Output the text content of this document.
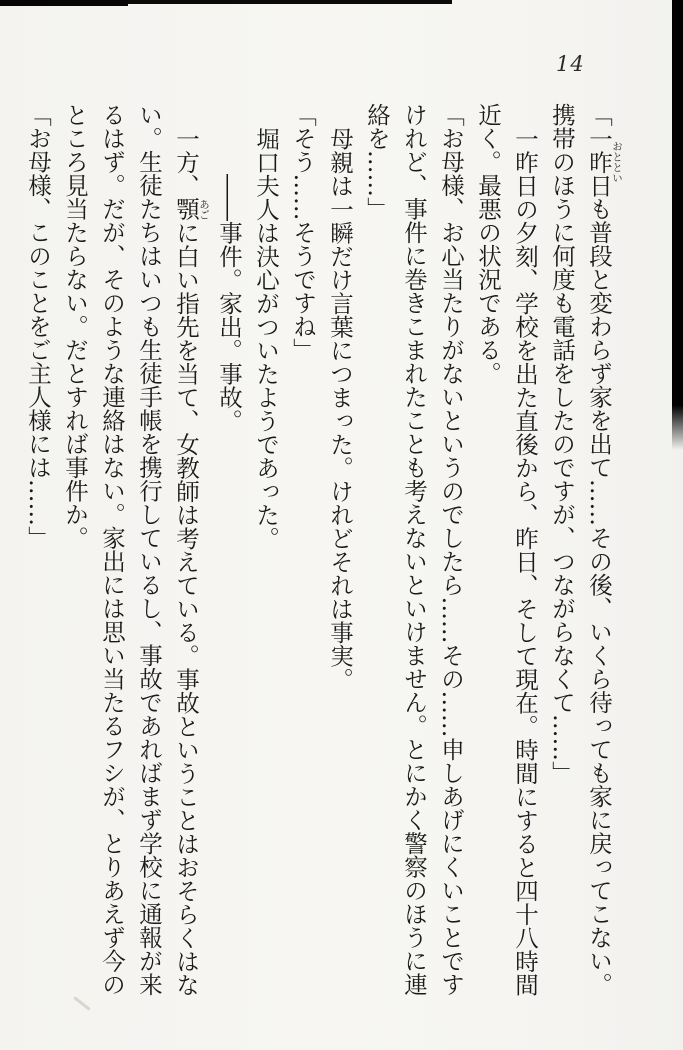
14

「一昨日おとといも普段と変わらず家を出て……その後、いくら待っても家に戻ってこない。携帯のほうに何度も電話をしたのですが、つながらなくて……」

一昨日の夕刻、学校を出た直後から、昨日、そして現在。時間にすると四十八時間近く。最悪の状況である。

「お母様、お心当たりがないというのでしたら……その……申しあげにくいことですけれど、事件に巻きこまれたことも考えないといけません。とにかく警察のほうに連絡を……」

母親は一瞬だけ言葉につまった。けれどそれは事実。

「そう……そうですね」

堀口夫人は決心がついたようであった。

――事件。家出。事故。

一方、顎あごに白い指先を当て、女教師は考えている。事故ということはおそらくはない。生徒たちはいつも生徒手帳を携行しているし、事故であればまず学校に通報が来るはず。だが、そのような連絡はない。家出には思い当たるフシが、とりあえず今のところ見当たらない。だとすれば事件か。

「お母様、このことをご主人様には……」
